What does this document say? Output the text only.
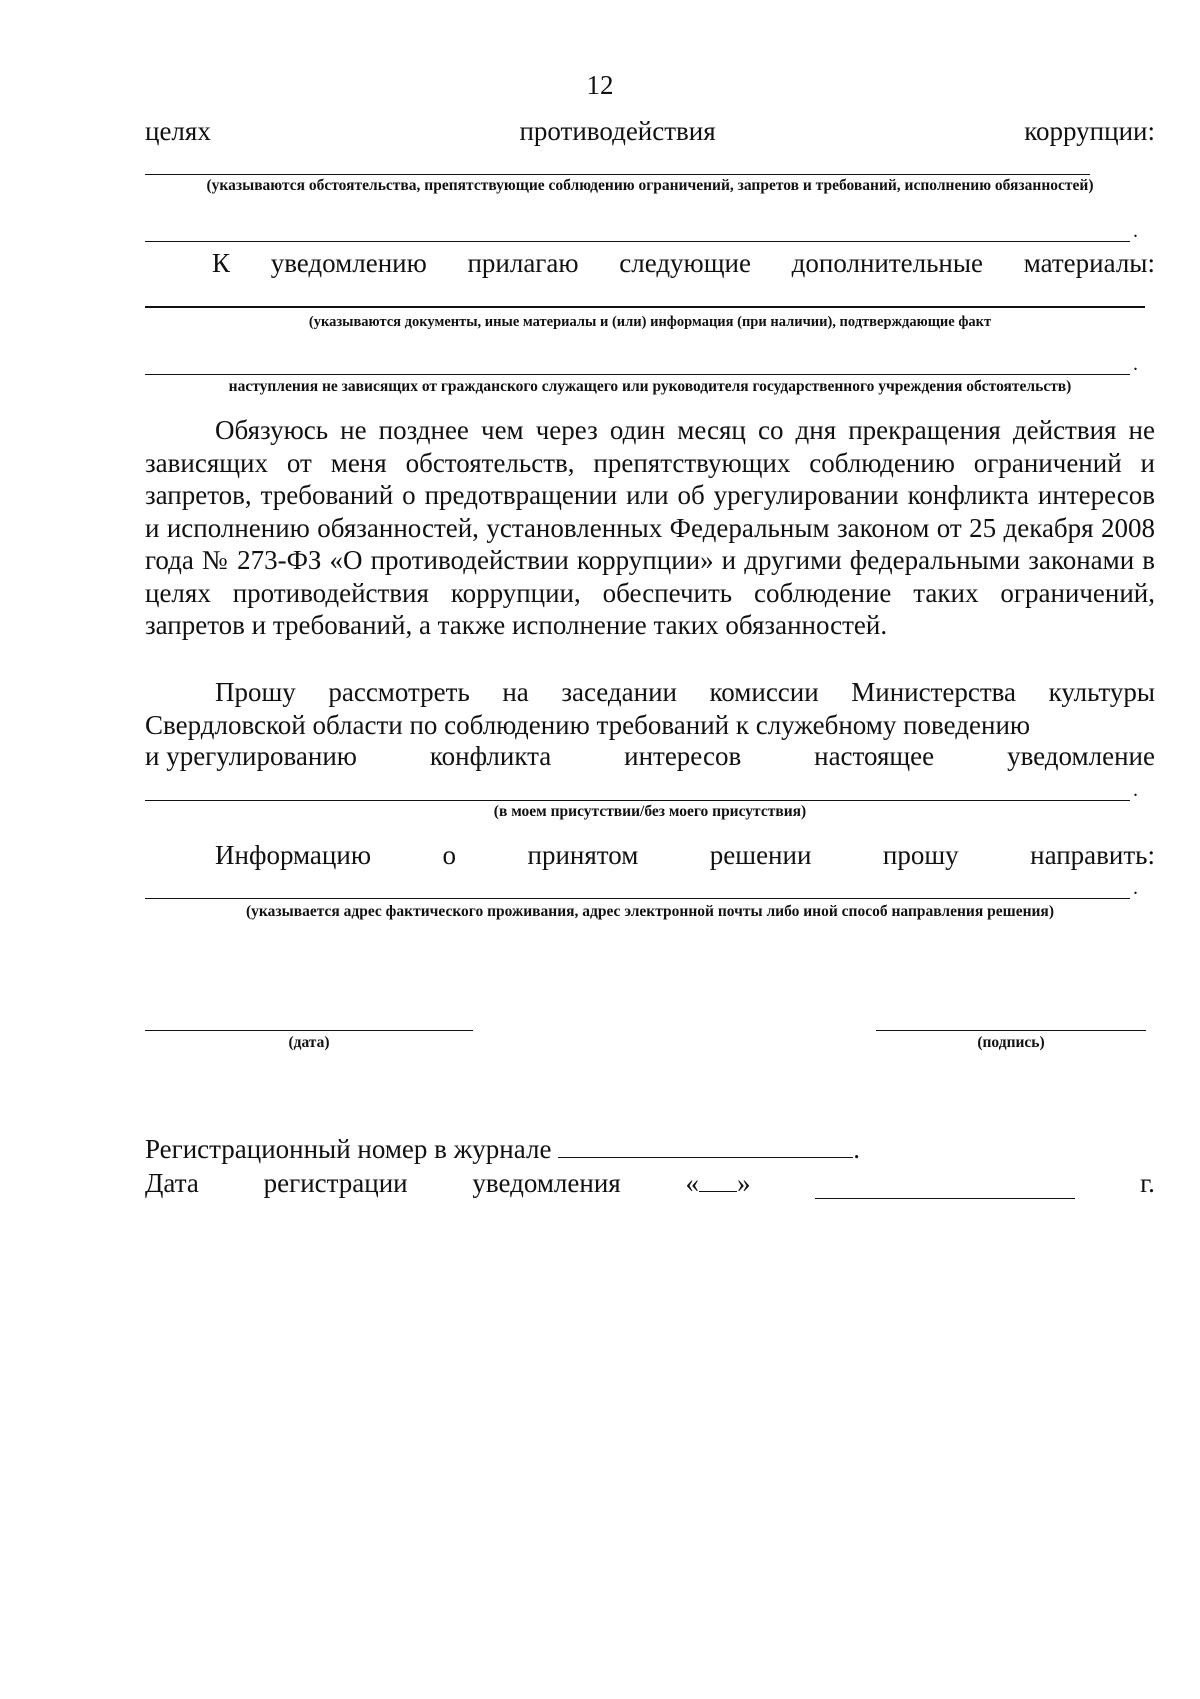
12
целях	противодействия	коррупции:
(указываются обстоятельства, препятствующие соблюдению ограничений, запретов и требований, исполнению обязанностей)
.
К уведомлению прилагаю следующие дополнительные материалы:
(указываются документы, иные материалы и (или) информация (при наличии), подтверждающие факт
.
наступления не зависящих от гражданского служащего или руководителя государственного учреждения обстоятельств)
Обязуюсь не позднее чем через один месяц со дня прекращения действия не зависящих от меня обстоятельств, препятствующих соблюдению ограничений и запретов, требований о предотвращении или об урегулировании конфликта интересов и исполнению обязанностей, установленных Федеральным законом от 25 декабря 2008 года № 273-ФЗ «О противодействии коррупции» и другими федеральными законами в целях противодействия коррупции, обеспечить соблюдение таких ограничений, запретов и требований, а также исполнение таких обязанностей.
Прошу рассмотреть на заседании комиссии Министерства культуры Свердловской области по соблюдению требований к служебному поведению
и урегулированию	конфликта	интересов	настоящее	уведомление
.
(в моем присутствии/без моего присутствия)
Информацию	о	принятом	решении	прошу	направить:
.
(указывается адрес фактического проживания, адрес электронной почты либо иной способ направления решения)
(дата)	(подпись)
Регистрационный номер в журнале	.
Дата регистрации уведомления « »	г.
